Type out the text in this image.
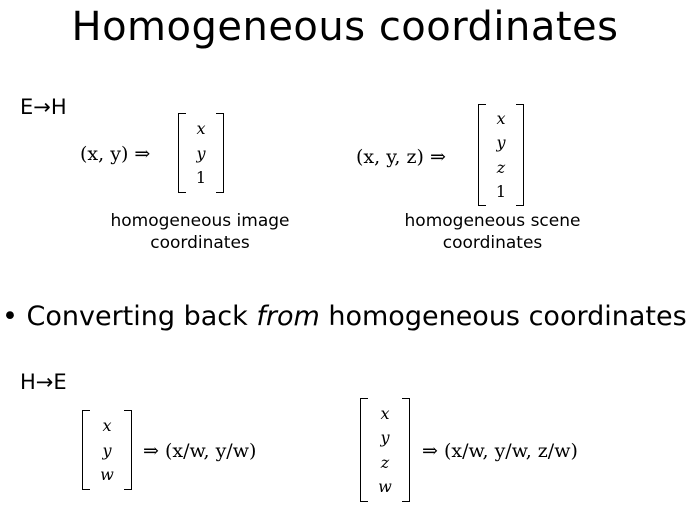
Homogeneous coordinates
E→H
(x, y) ⇒
x
y
1
homogeneous image
coordinates
(x, y, z) ⇒
x
y
z
1
homogeneous scene
coordinates
• Converting back from homogeneous coordinates
H→E
x
y
w
⇒ (x/w, y/w)
x
y
z
w
⇒ (x/w, y/w, z/w)
